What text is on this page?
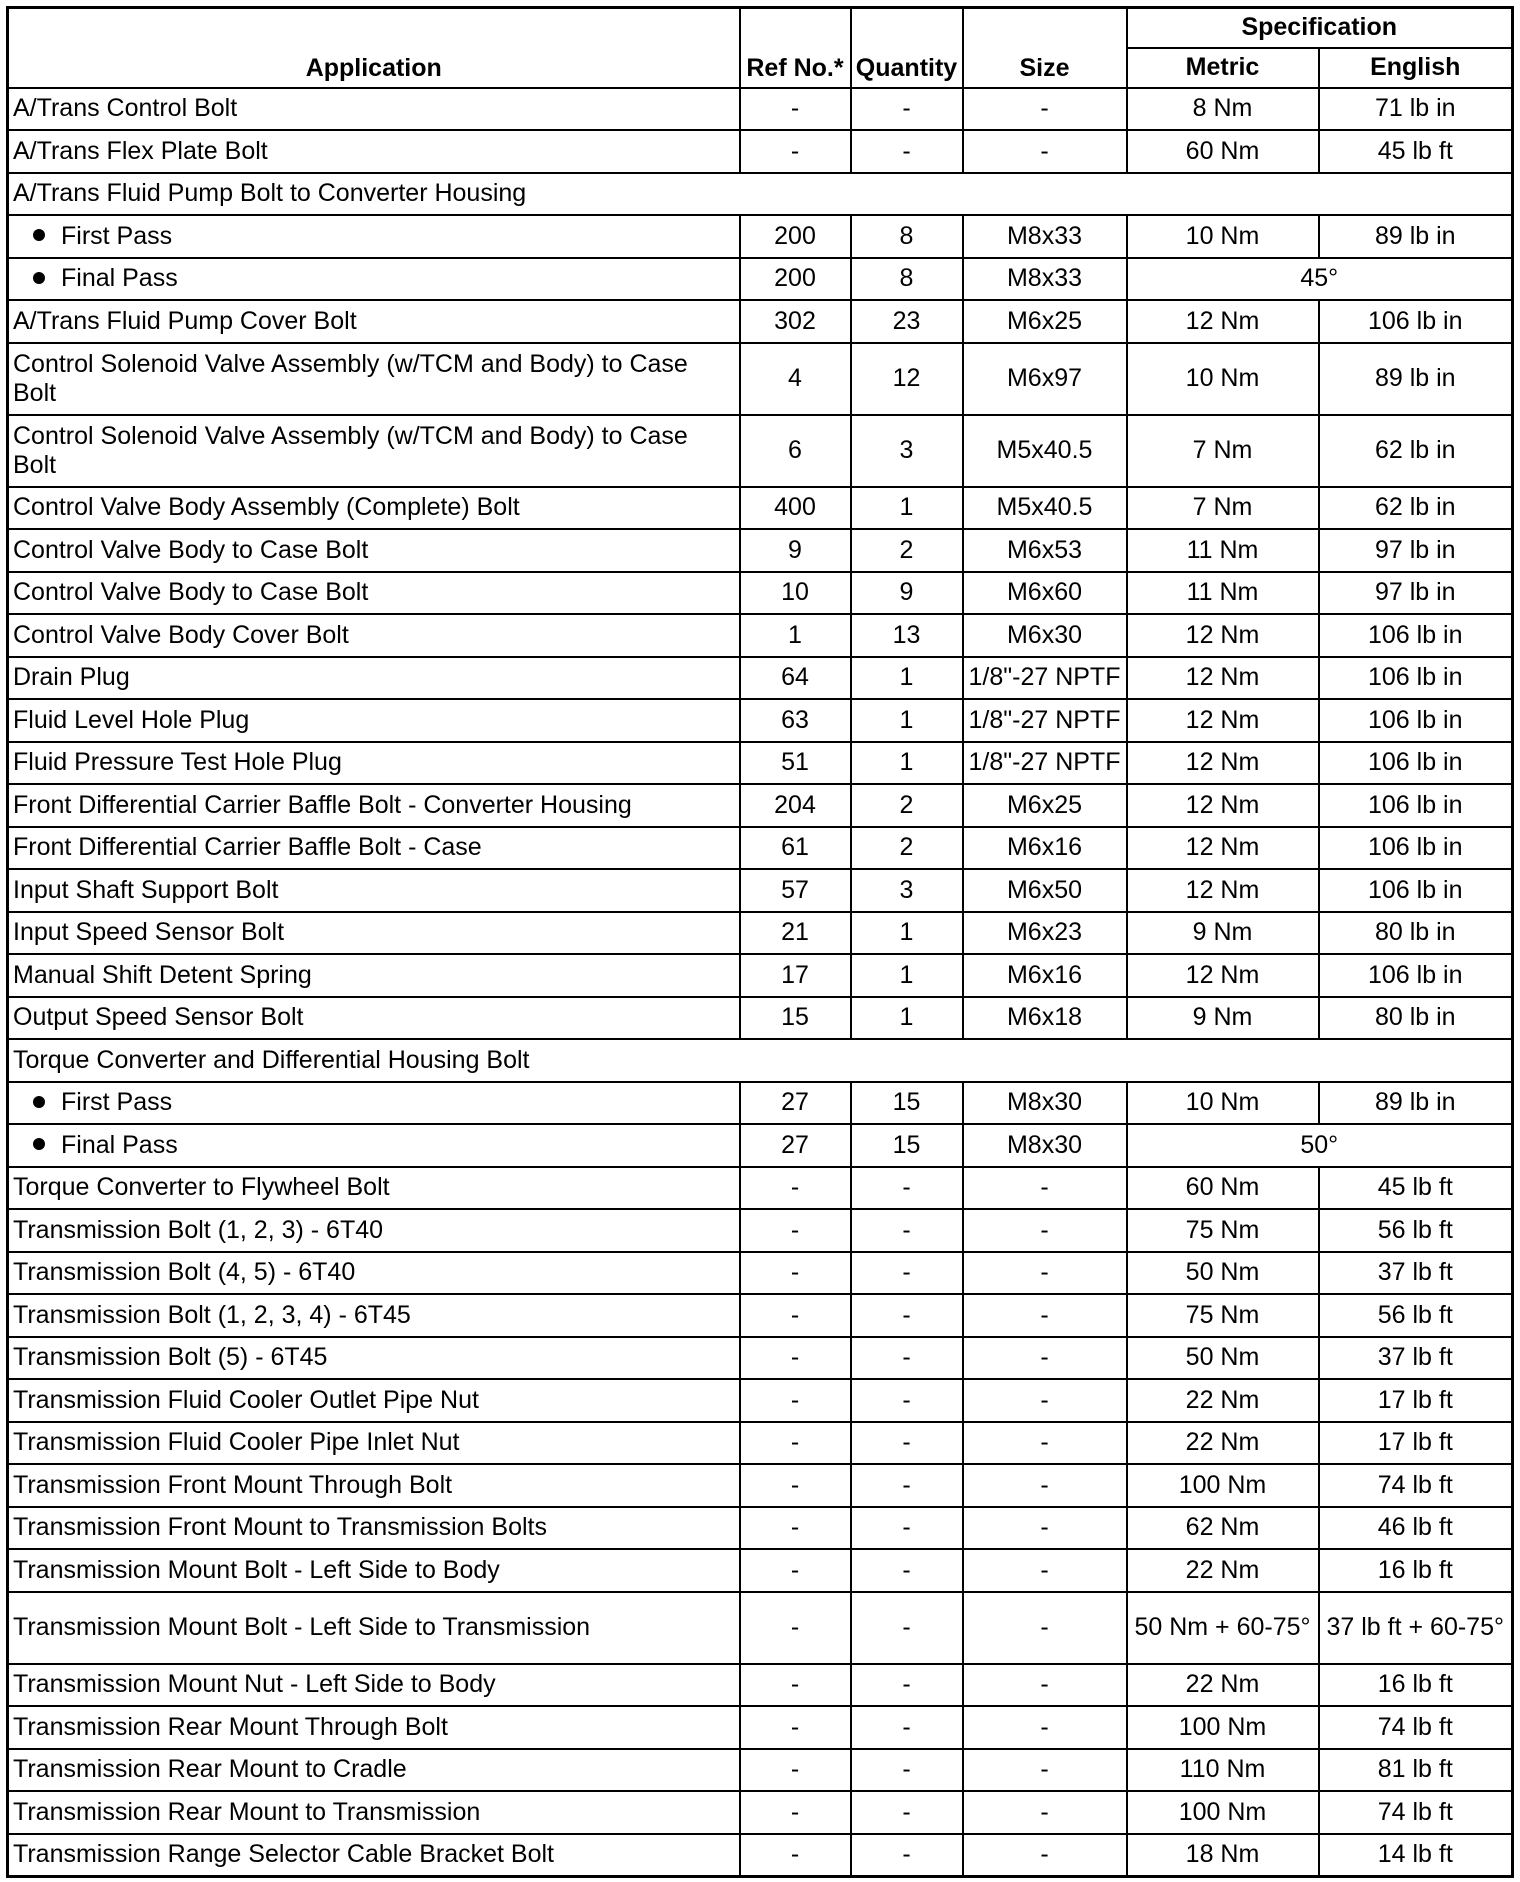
Application	Ref No.*	Quantity	Size	Specification	
				Metric	English
A/Trans Control Bolt	-	-	-	8 Nm	71 lb in
A/Trans Flex Plate Bolt	-	-	-	60 Nm	45 lb ft
A/Trans Fluid Pump Bolt to Converter Housing					
First Pass	200	8	M8x33	10 Nm	89 lb in
Final Pass	200	8	M8x33	45°	
A/Trans Fluid Pump Cover Bolt	302	23	M6x25	12 Nm	106 lb in
Control Solenoid Valve Assembly (w/TCM and Body) to Case Bolt	4	12	M6x97	10 Nm	89 lb in
Control Solenoid Valve Assembly (w/TCM and Body) to Case Bolt	6	3	M5x40.5	7 Nm	62 lb in
Control Valve Body Assembly (Complete) Bolt	400	1	M5x40.5	7 Nm	62 lb in
Control Valve Body to Case Bolt	9	2	M6x53	11 Nm	97 lb in
Control Valve Body to Case Bolt	10	9	M6x60	11 Nm	97 lb in
Control Valve Body Cover Bolt	1	13	M6x30	12 Nm	106 lb in
Drain Plug	64	1	1/8"-27 NPTF	12 Nm	106 lb in
Fluid Level Hole Plug	63	1	1/8"-27 NPTF	12 Nm	106 lb in
Fluid Pressure Test Hole Plug	51	1	1/8"-27 NPTF	12 Nm	106 lb in
Front Differential Carrier Baffle Bolt - Converter Housing	204	2	M6x25	12 Nm	106 lb in
Front Differential Carrier Baffle Bolt - Case	61	2	M6x16	12 Nm	106 lb in
Input Shaft Support Bolt	57	3	M6x50	12 Nm	106 lb in
Input Speed Sensor Bolt	21	1	M6x23	9 Nm	80 lb in
Manual Shift Detent Spring	17	1	M6x16	12 Nm	106 lb in
Output Speed Sensor Bolt	15	1	M6x18	9 Nm	80 lb in
Torque Converter and Differential Housing Bolt					
First Pass	27	15	M8x30	10 Nm	89 lb in
Final Pass	27	15	M8x30	50°	
Torque Converter to Flywheel Bolt	-	-	-	60 Nm	45 lb ft
Transmission Bolt (1, 2, 3) - 6T40	-	-	-	75 Nm	56 lb ft
Transmission Bolt (4, 5) - 6T40	-	-	-	50 Nm	37 lb ft
Transmission Bolt (1, 2, 3, 4) - 6T45	-	-	-	75 Nm	56 lb ft
Transmission Bolt (5) - 6T45	-	-	-	50 Nm	37 lb ft
Transmission Fluid Cooler Outlet Pipe Nut	-	-	-	22 Nm	17 lb ft
Transmission Fluid Cooler Pipe Inlet Nut	-	-	-	22 Nm	17 lb ft
Transmission Front Mount Through Bolt	-	-	-	100 Nm	74 lb ft
Transmission Front Mount to Transmission Bolts	-	-	-	62 Nm	46 lb ft
Transmission Mount Bolt - Left Side to Body	-	-	-	22 Nm	16 lb ft
Transmission Mount Bolt - Left Side to Transmission	-	-	-	50 Nm + 60-75°	37 lb ft + 60-75°
Transmission Mount Nut - Left Side to Body	-	-	-	22 Nm	16 lb ft
Transmission Rear Mount Through Bolt	-	-	-	100 Nm	74 lb ft
Transmission Rear Mount to Cradle	-	-	-	110 Nm	81 lb ft
Transmission Rear Mount to Transmission	-	-	-	100 Nm	74 lb ft
Transmission Range Selector Cable Bracket Bolt	-	-	-	18 Nm	14 lb ft
